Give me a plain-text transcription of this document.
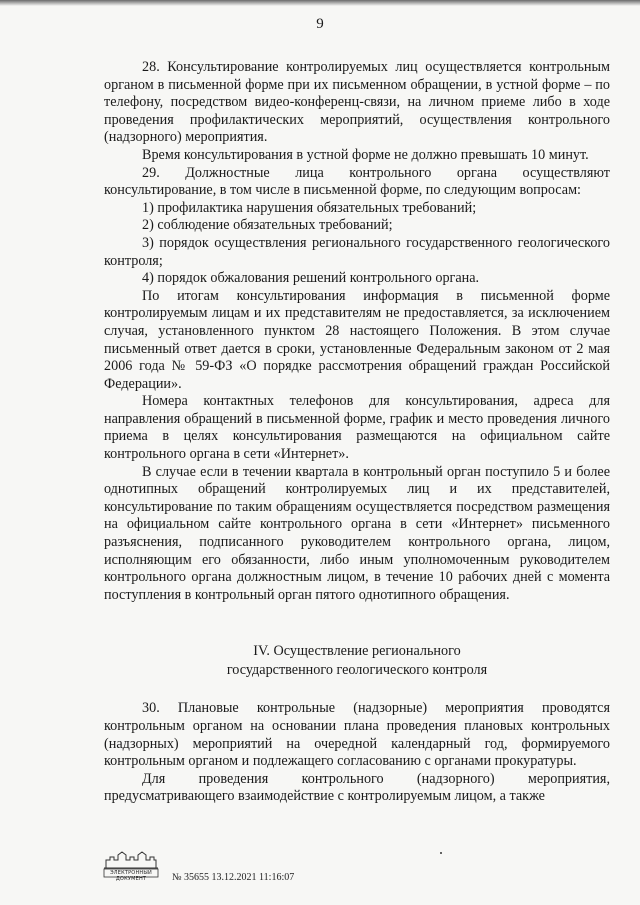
9

28. Консультирование контролируемых лиц осуществляется контрольным органом в письменной форме при их письменном обращении, в устной форме – по телефону, посредством видео-конференц-связи, на личном приеме либо в ходе проведения профилактических мероприятий, осуществления контрольного (надзорного) мероприятия.

Время консультирования в устной форме не должно превышать 10 минут.

29. Должностные лица контрольного органа осуществляют консультирование, в том числе в письменной форме, по следующим вопросам:

1) профилактика нарушения обязательных требований;

2) соблюдение обязательных требований;

3) порядок осуществления регионального государственного геологического контроля;

4) порядок обжалования решений контрольного органа.

По итогам консультирования информация в письменной форме контролируемым лицам и их представителям не предоставляется, за исключением случая, установленного пунктом 28 настоящего Положения. В этом случае письменный ответ дается в сроки, установленные Федеральным законом от 2 мая 2006 года № 59-ФЗ «О порядке рассмотрения обращений граждан Российской Федерации».

Номера контактных телефонов для консультирования, адреса для направления обращений в письменной форме, график и место проведения личного приема в целях консультирования размещаются на официальном сайте контрольного органа в сети «Интернет».

В случае если в течении квартала в контрольный орган поступило 5 и более однотипных обращений контролируемых лиц и их представителей, консультирование по таким обращениям осуществляется посредством размещения на официальном сайте контрольного органа в сети «Интернет» письменного разъяснения, подписанного руководителем контрольного органа, лицом, исполняющим его обязанности, либо иным уполномоченным руководителем контрольного органа должностным лицом, в течение 10 рабочих дней с момента поступления в контрольный орган пятого однотипного обращения.

IV. Осуществление регионального

государственного геологического контроля

30. Плановые контрольные (надзорные) мероприятия проводятся контрольным органом на основании плана проведения плановых контрольных (надзорных) мероприятий на очередной календарный год, формируемого контрольным органом и подлежащего согласованию с органами прокуратуры.

Для проведения контрольного (надзорного) мероприятия, предусматривающего взаимодействие с контролируемым лицом, а также

ЭЛЕКТРОННЫЙ ДОКУМЕНТ	№ 35655 13.12.2021 11:16:07
